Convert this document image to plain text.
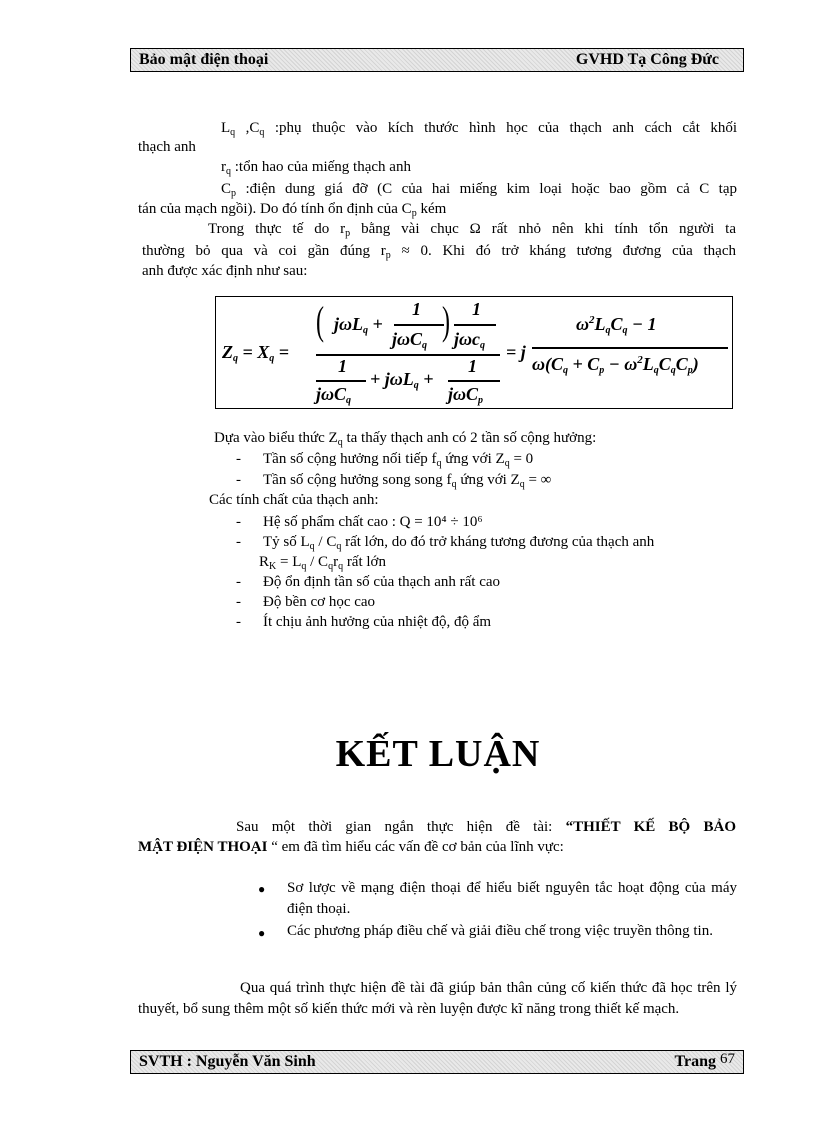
Bảo mật điện thoại	GVHD Tạ Công Đức
$L_q$ $,C_q$ :phụ thuộc vào kích thước hình học của thạch anh cách cắt khối
thạch anh
$r_q$ :tổn hao của miếng thạch anh
$C_p$ :điện dung giá đỡ (C của hai miếng kim loại hoặc bao gồm cả C tạp
tán của mạch ngồi). Do đó tính ổn định của $C_p$ kém
Trong thực tế do $r_p$ bằng vài chục Ω rất nhỏ nên khi tính tổn người ta
thường bỏ qua và coi gần đúng $r_p \approx 0$. Khi đó trở kháng tương đương của thạch
anh được xác định như sau:
$Z_q = X_q$ =
( jωL$_q$ +
1
jωC$_q$
) 1
jωc$_q$
1
jωC$_q$
+ jωL$_q$ +
1
jωC$_p$
= j
$\omega^2L_qC_q - 1$
$\omega(C_q + C_p - \omega^2L_qC_qC_p)$
Dựa vào biểu thức $Z_q$ ta thấy thạch anh có 2 tần số cộng hưởng:
- Tần số cộng hưởng nối tiếp $f_q$ ứng với $Z_q = 0$
- Tần số cộng hưởng song song $f_q$ ứng với $Z_q$ = ∞
Các tính chất của thạch anh:
- Hệ số phẩm chất cao : Q = 10⁴ ÷ 10⁶
- Tỷ số $L_q / C_q$ rất lớn, do đó trở kháng tương đương của thạch anh
$R_K = L_q / C_qr_q$ rất lớn
- Độ ổn định tần số của thạch anh rất cao
- Độ bền cơ học cao
- Ít chịu ảnh hưởng của nhiệt độ, độ ẩm
KẾT LUẬN
Sau một thời gian ngắn thực hiện đề tài: “THIẾT KẾ BỘ BẢO
MẬT ĐIỆN THOẠI “ em đã tìm hiểu các vấn đề cơ bản của lĩnh vực:
● Sơ lược về mạng điện thoại để hiểu biết nguyên tắc hoạt động của máy điện thoại.
● Các phương pháp điều chế và giải điều chế trong việc truyền thông tin.
Qua quá trình thực hiện đề tài đã giúp bản thân củng cố kiến thức đã học trên lý thuyết, bổ sung thêm một số kiến thức mới và rèn luyện được kĩ năng trong thiết kế mạch.
SVTH : Nguyễn Văn Sinh	Trang $^{67}$
